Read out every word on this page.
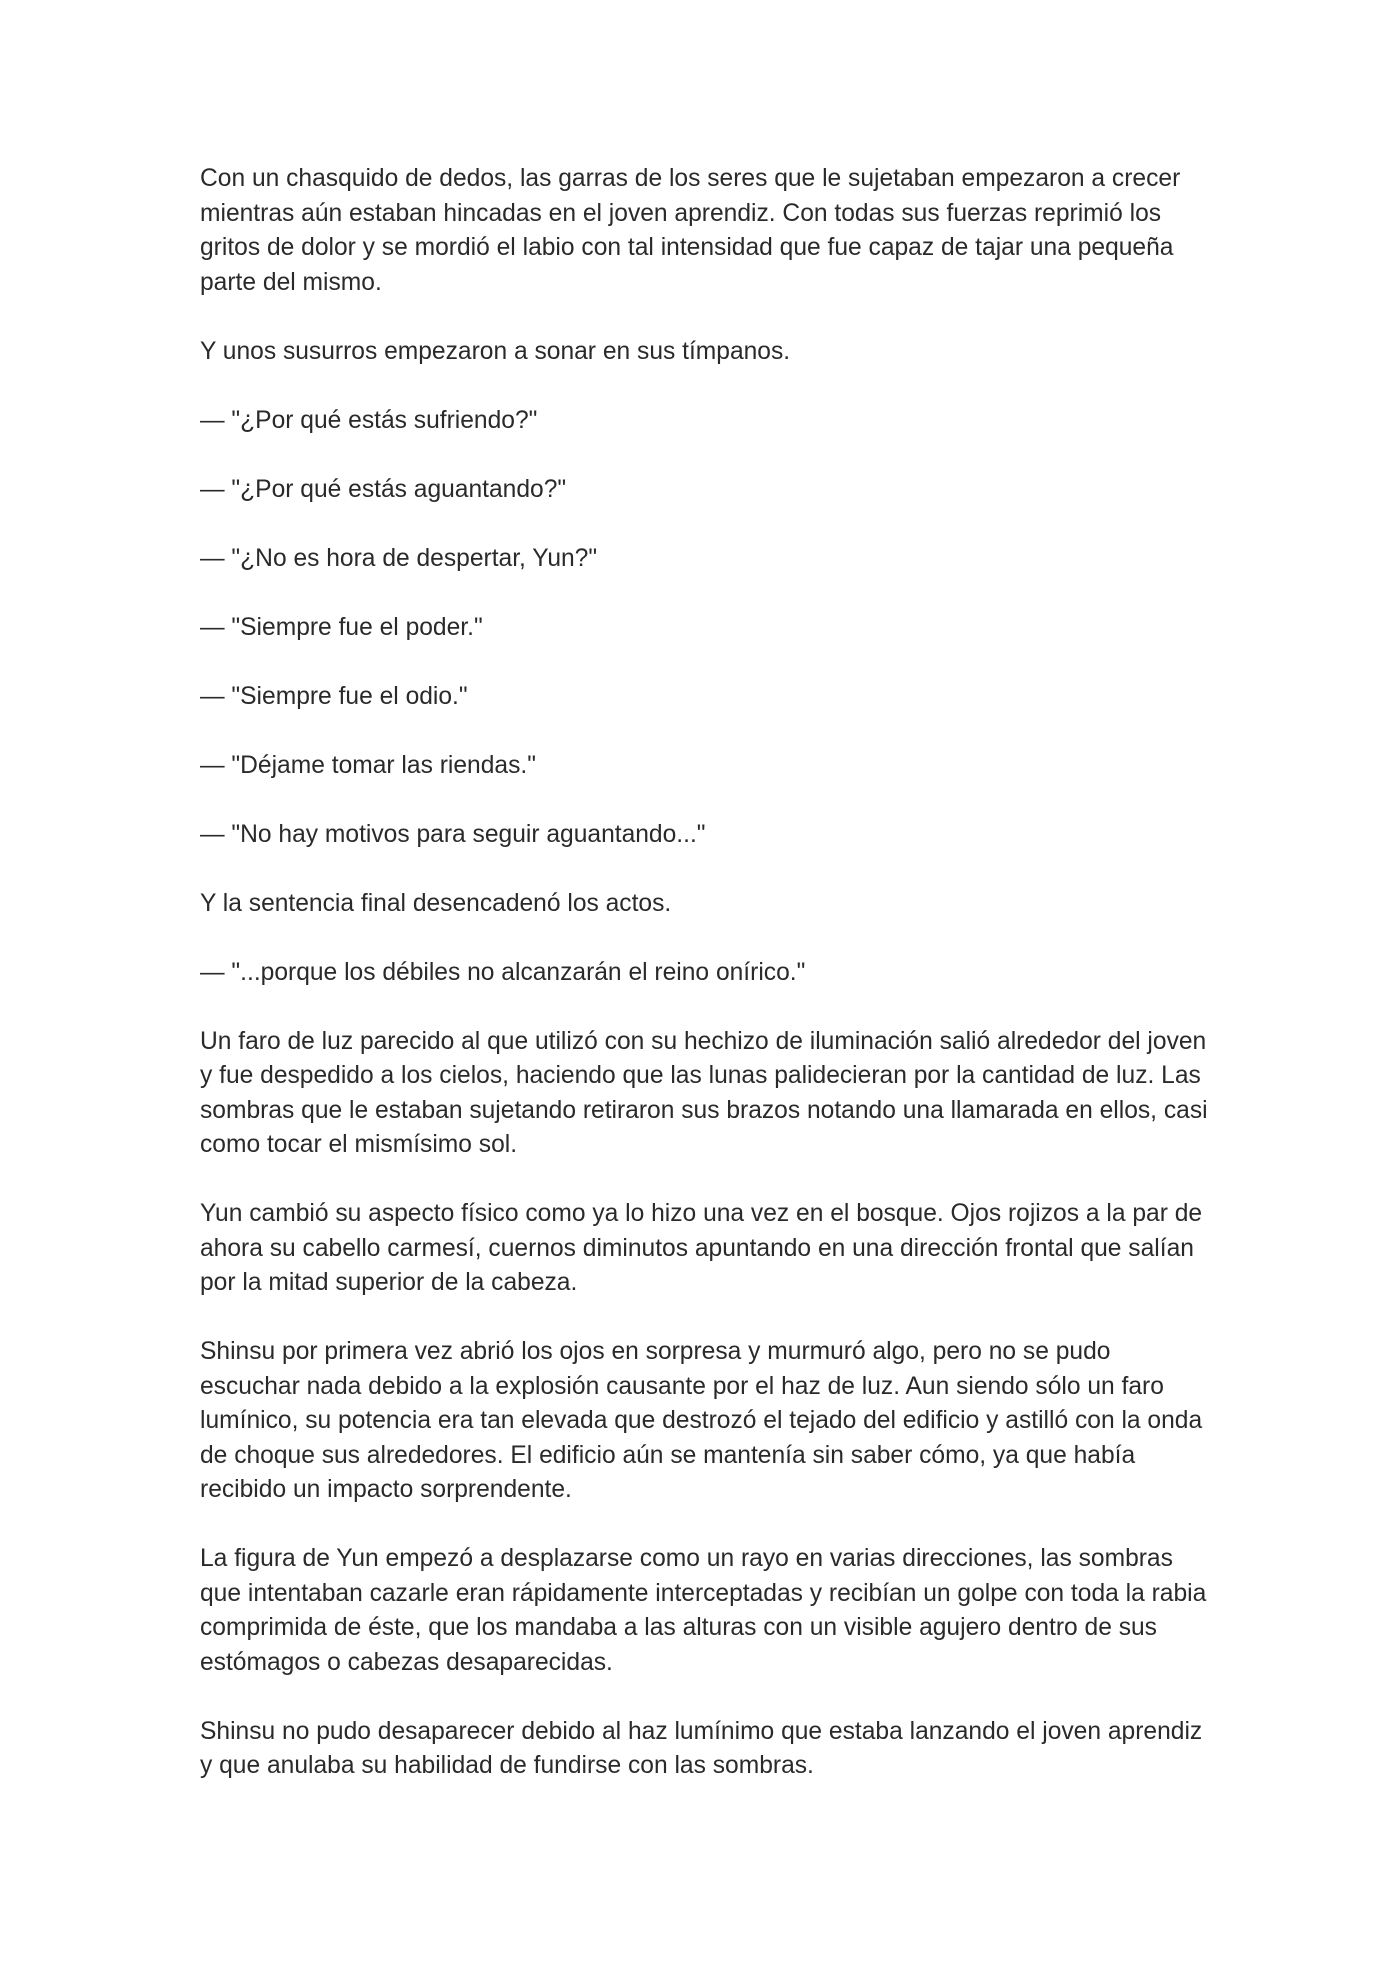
Con un chasquido de dedos, las garras de los seres que le sujetaban empezaron a crecer mientras aún estaban hincadas en el joven aprendiz. Con todas sus fuerzas reprimió los gritos de dolor y se mordió el labio con tal intensidad que fue capaz de tajar una pequeña parte del mismo.

Y unos susurros empezaron a sonar en sus tímpanos.

— "¿Por qué estás sufriendo?"

— "¿Por qué estás aguantando?"

— "¿No es hora de despertar, Yun?"

— "Siempre fue el poder."

— "Siempre fue el odio."

— "Déjame tomar las riendas."

— "No hay motivos para seguir aguantando..."

Y la sentencia final desencadenó los actos.

— "...porque los débiles no alcanzarán el reino onírico."

Un faro de luz parecido al que utilizó con su hechizo de iluminación salió alrededor del joven y fue despedido a los cielos, haciendo que las lunas palidecieran por la cantidad de luz. Las sombras que le estaban sujetando retiraron sus brazos notando una llamarada en ellos, casi como tocar el mismísimo sol.

Yun cambió su aspecto físico como ya lo hizo una vez en el bosque. Ojos rojizos a la par de ahora su cabello carmesí, cuernos diminutos apuntando en una dirección frontal que salían por la mitad superior de la cabeza.

Shinsu por primera vez abrió los ojos en sorpresa y murmuró algo, pero no se pudo escuchar nada debido a la explosión causante por el haz de luz. Aun siendo sólo un faro lumínico, su potencia era tan elevada que destrozó el tejado del edificio y astilló con la onda de choque sus alrededores. El edificio aún se mantenía sin saber cómo, ya que había recibido un impacto sorprendente.

La figura de Yun empezó a desplazarse como un rayo en varias direcciones, las sombras que intentaban cazarle eran rápidamente interceptadas y recibían un golpe con toda la rabia comprimida de éste, que los mandaba a las alturas con un visible agujero dentro de sus estómagos o cabezas desaparecidas.

Shinsu no pudo desaparecer debido al haz lumínimo que estaba lanzando el joven aprendiz y que anulaba su habilidad de fundirse con las sombras.
